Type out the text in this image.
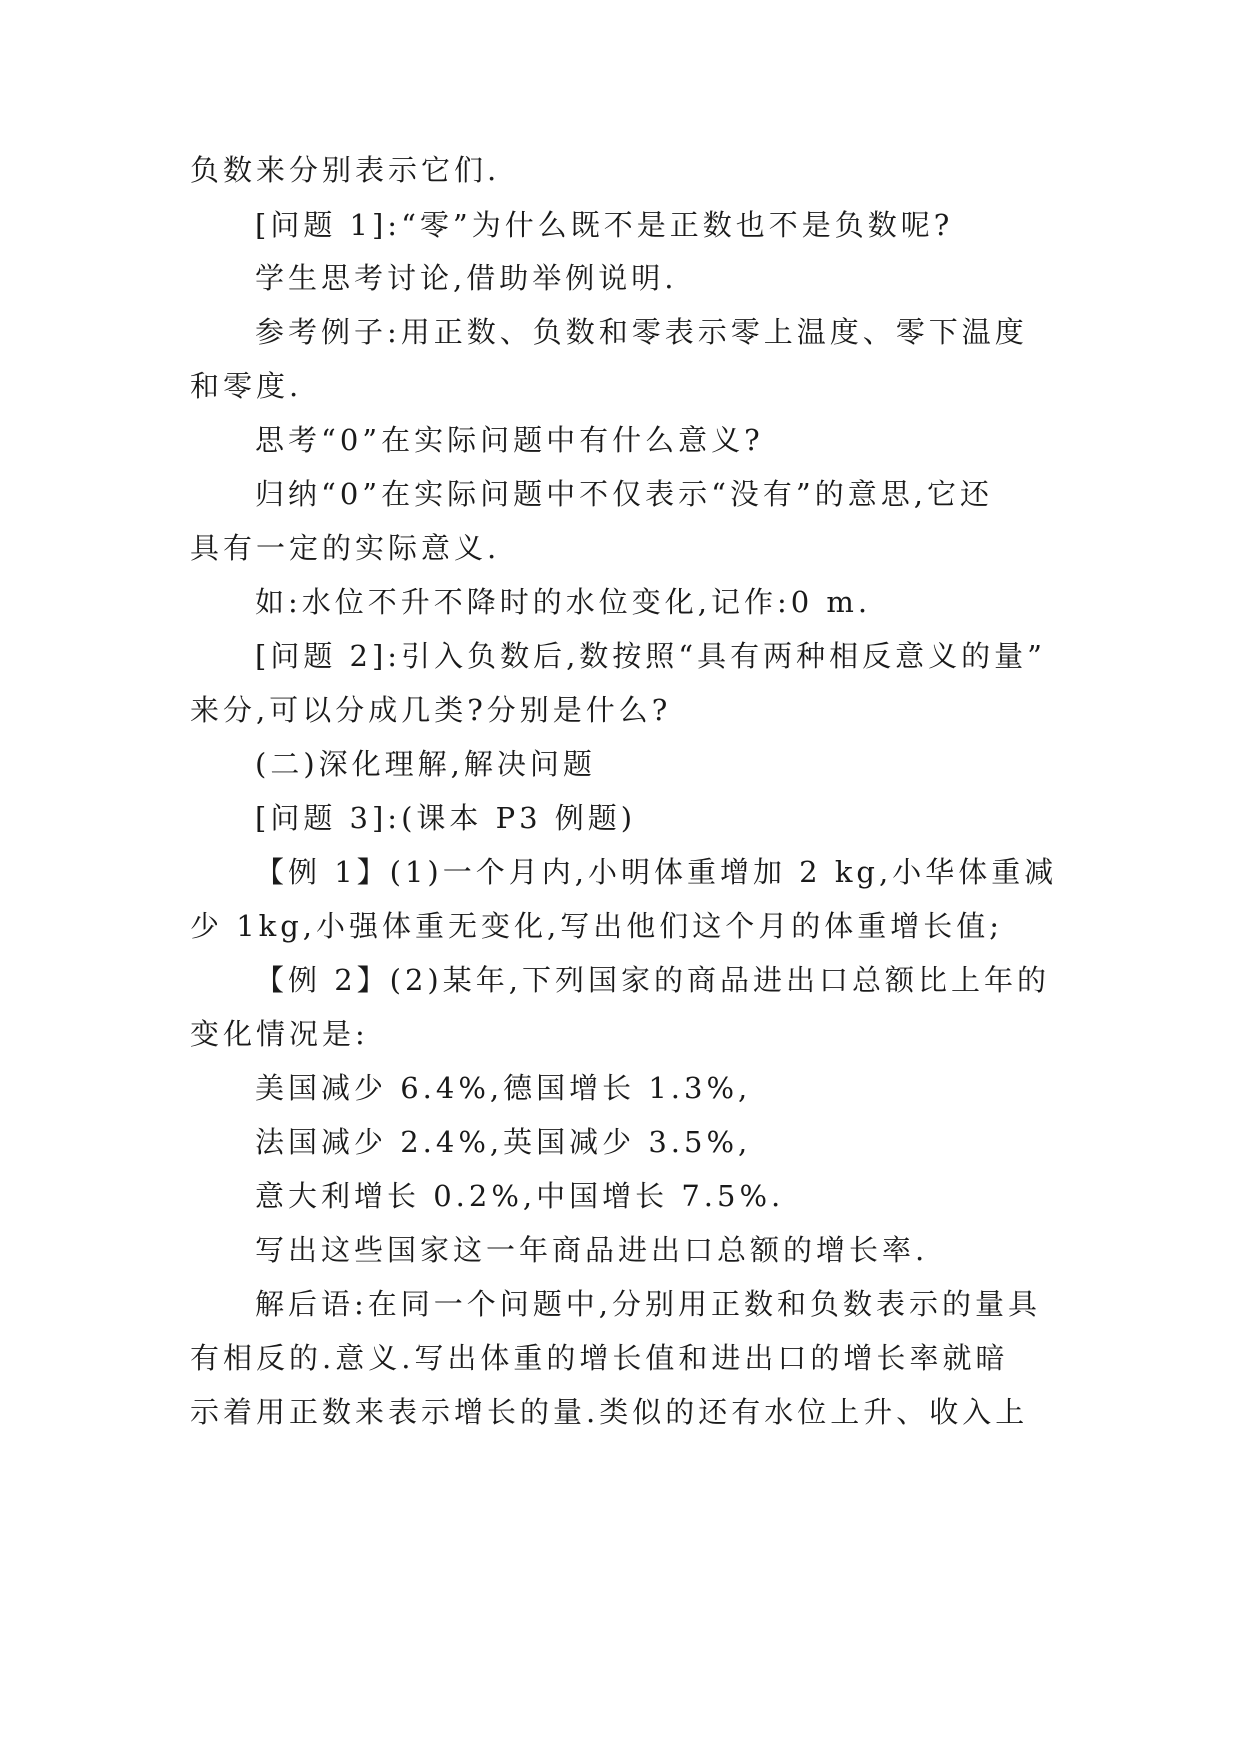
负数来分别表示它们.
[问题 1]:“零”为什么既不是正数也不是负数呢?
学生思考讨论,借助举例说明.
参考例子:用正数、负数和零表示零上温度、零下温度
和零度.
思考“0”在实际问题中有什么意义?
归纳“0”在实际问题中不仅表示“没有”的意思,它还
具有一定的实际意义.
如:水位不升不降时的水位变化,记作:0 m.
[问题 2]:引入负数后,数按照“具有两种相反意义的量”
来分,可以分成几类?分别是什么?
(二)深化理解,解决问题
[问题 3]:(课本 P3 例题)
【例 1】(1)一个月内,小明体重增加 2 kg,小华体重减
少 1kg,小强体重无变化,写出他们这个月的体重增长值;
【例 2】(2)某年,下列国家的商品进出口总额比上年的
变化情况是:
美国减少 6.4%,德国增长 1.3%,
法国减少 2.4%,英国减少 3.5%,
意大利增长 0.2%,中国增长 7.5%.
写出这些国家这一年商品进出口总额的增长率.
解后语:在同一个问题中,分别用正数和负数表示的量具
有相反的.意义.写出体重的增长值和进出口的增长率就暗
示着用正数来表示增长的量.类似的还有水位上升、收入上
